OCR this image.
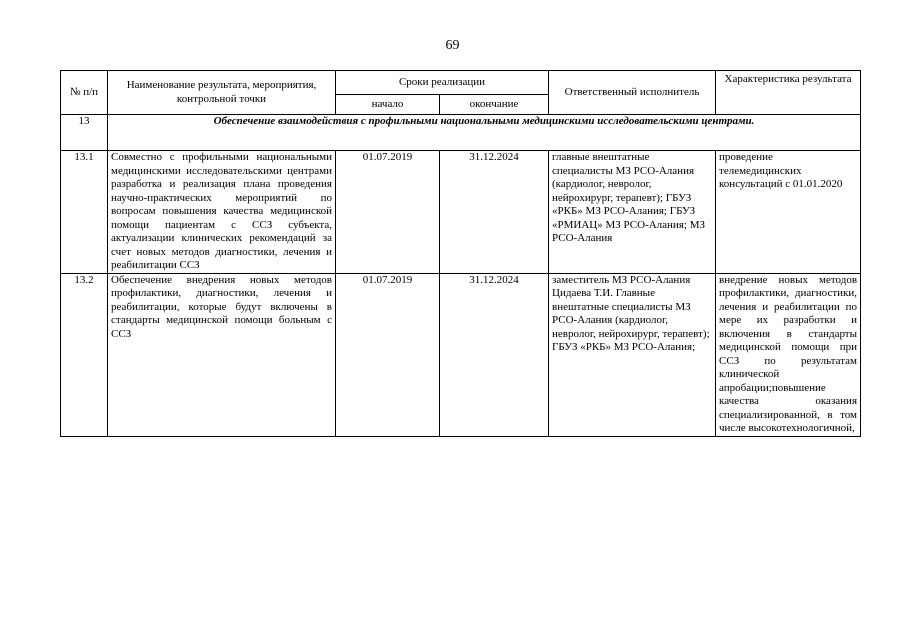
69
№ п/п	Наименование результата, мероприятия, контрольной точки	Сроки реализации		Ответственный исполнитель	Характеристика результата
		начало	окончание		
13	Обеспечение взаимодействия с профильными национальными медицинскими исследовательскими центрами.				
13.1	Совместно с профильными национальными медицинскими исследовательскими центрами разработка и реализация плана проведения научно-практических мероприятий по вопросам повышения качества медицинской помощи пациентам с ССЗ субъекта, актуализации клинических рекомендаций за счет новых методов диагностики, лечения и реабилитации ССЗ	01.07.2019	31.12.2024	главные внештатные специалисты МЗ РСО-Алания (кардиолог, невролог, нейрохирург, терапевт); ГБУЗ «РКБ» МЗ РСО-Алания; ГБУЗ «РМИАЦ» МЗ РСО-Алания; МЗ РСО-Алания	проведение телемедицинских консультаций с 01.01.2020
13.2	Обеспечение внедрения новых методов профилактики, диагностики, лечения и реабилитации, которые будут включены в стандарты медицинской помощи больным с ССЗ	01.07.2019	31.12.2024	заместитель МЗ РСО-Алания Цидаева Т.И. Главные внештатные специалисты МЗ РСО-Алания (кардиолог, невролог, нейрохирург, терапевт); ГБУЗ «РКБ» МЗ РСО-Алания;	внедрение новых методов профилактики, диагностики, лечения и реабилитации по мере их разработки и включения в стандарты медицинской помощи при ССЗ по результатам клинической апробации;повышение качества оказания специализированной, в том числе высокотехнологичной,
